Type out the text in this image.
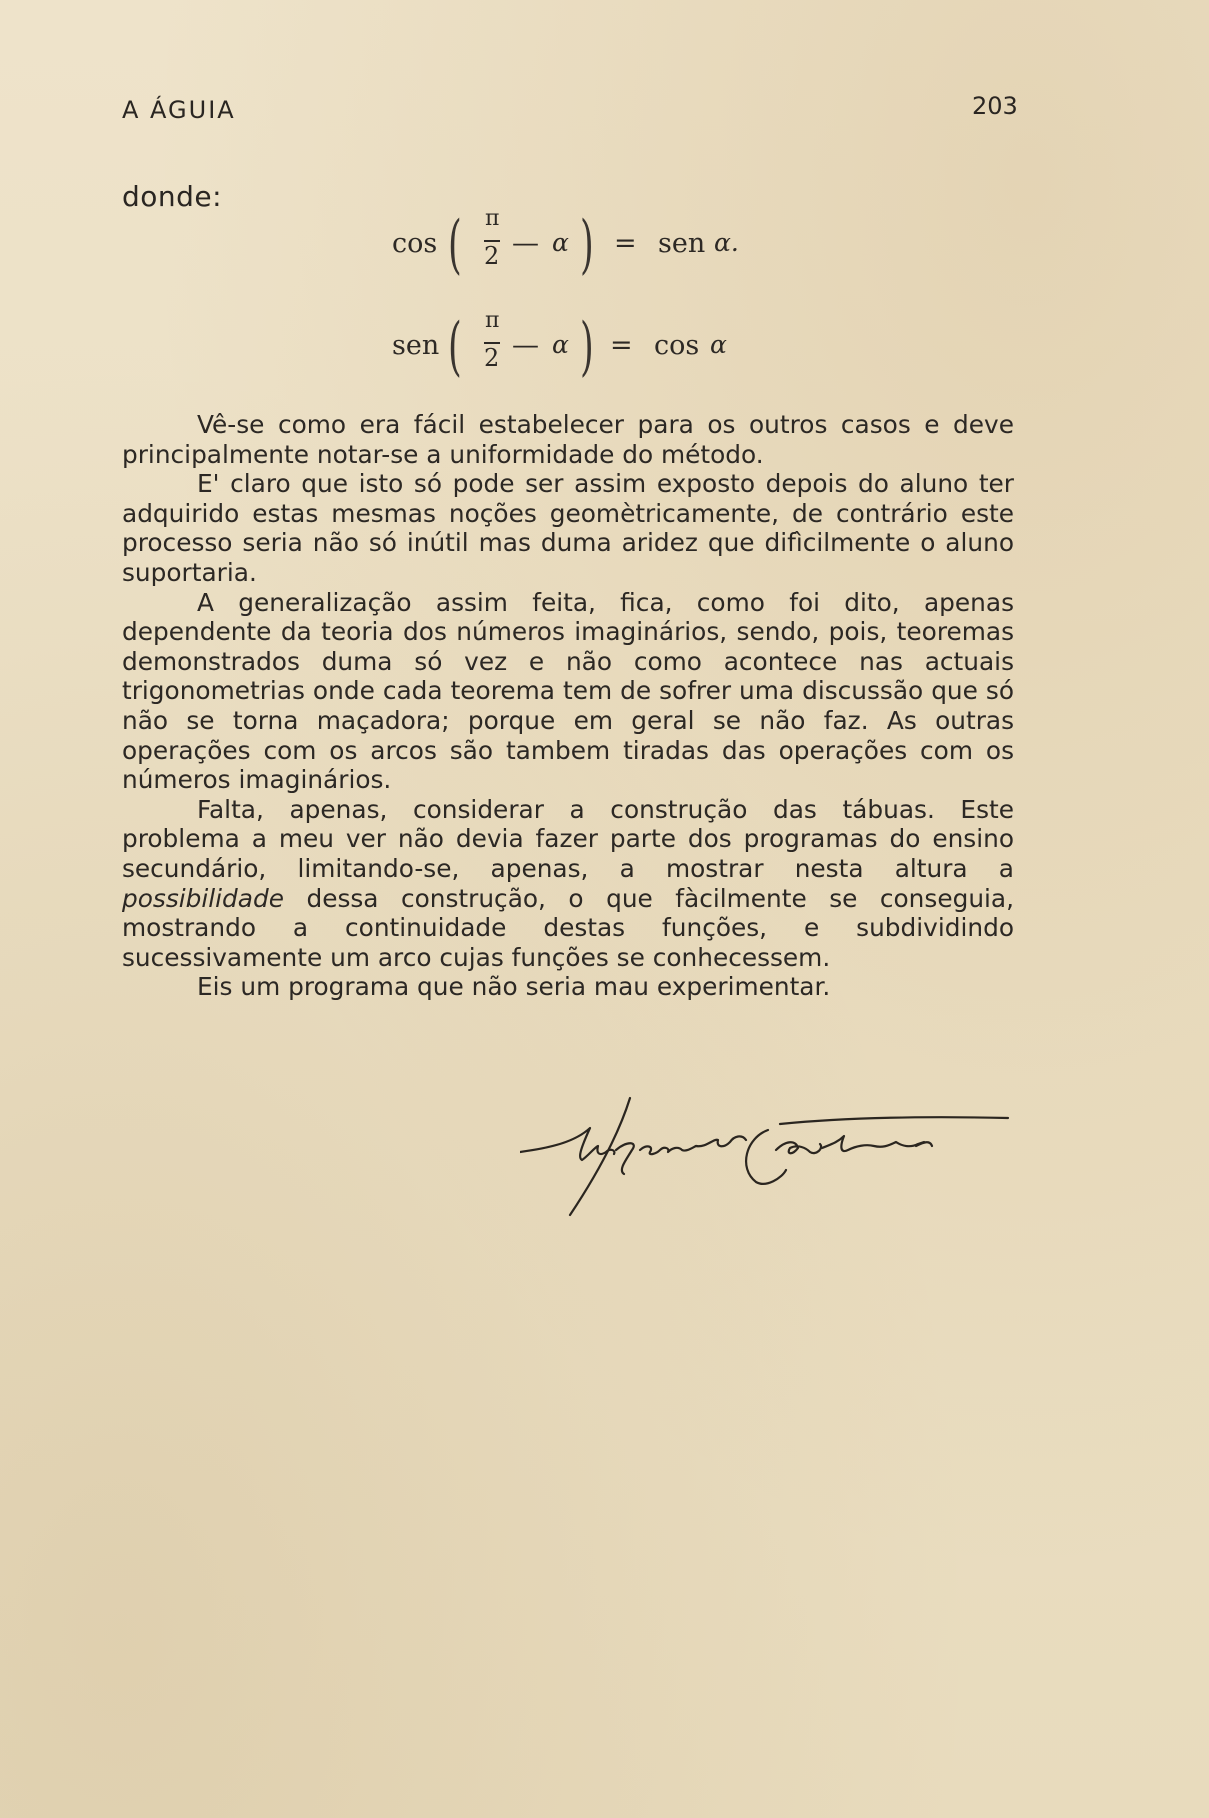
A ÁGUIA	203
donde:
cos ( π
2 — α ) = sen α.
sen ( π
2 — α ) = cos α

Vê-se como era fácil estabelecer para os outros casos e deve principalmente notar-se a uniformidade do método.

E' claro que isto só pode ser assim exposto depois do aluno ter adquirido estas mesmas noções geomètricamente, de contrário este processo seria não só inútil mas duma aridez que difìcilmente o aluno suportaria.

A generalização assim feita, fica, como foi dito, apenas dependente da teoria dos números imaginários, sendo, pois, teoremas demonstrados duma só vez e não como acontece nas actuais trigonometrias onde cada teorema tem de sofrer uma discussão que só não se torna maçadora; porque em geral se não faz. As outras operações com os arcos são tambem tiradas das operações com os números imaginários.

Falta, apenas, considerar a construção das tábuas. Este problema a meu ver não devia fazer parte dos programas do ensino secundário, limitando-se, apenas, a mostrar nesta altura a possibilidade dessa construção, o que fàcilmente se conseguia, mostrando a continuidade destas funções, e subdividindo sucessivamente um arco cujas funções se conhecessem.

Eis um programa que não seria mau experimentar.
